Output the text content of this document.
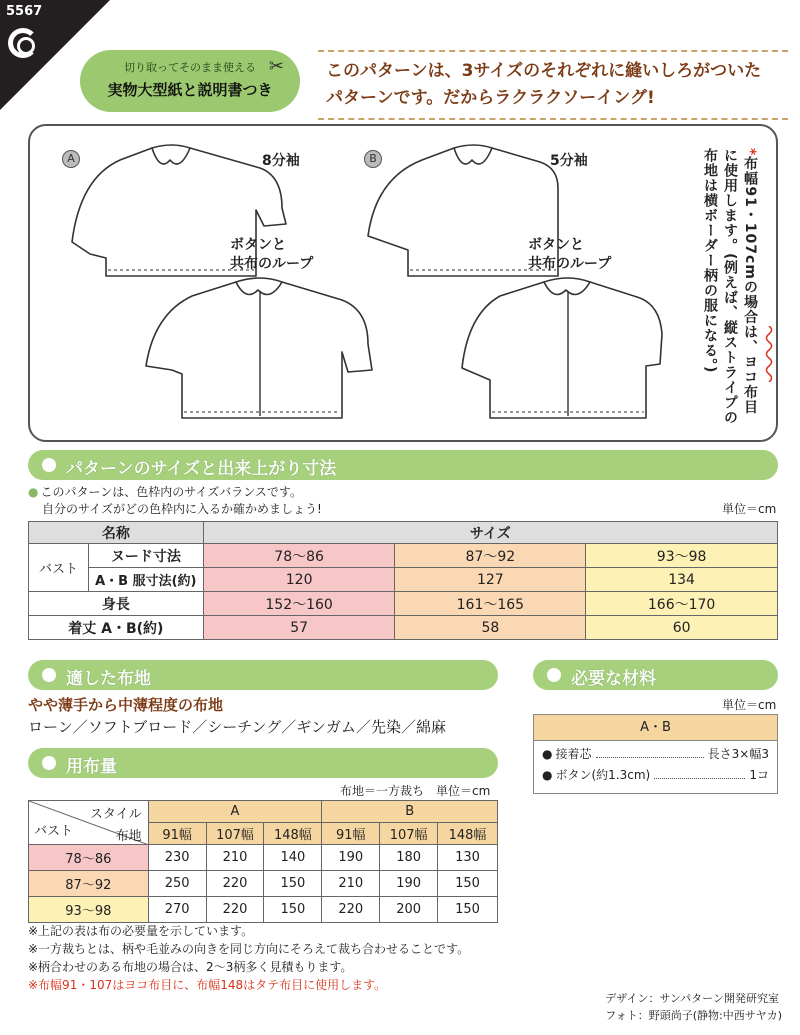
5567
切り取ってそのまま使える
実物大型紙と説明書つき
✂ このパターンは、3サイズのそれぞれに縫いしろがついた
パターンです。だからラクラクソーイング!
A	B
8分袖
ボタンと
共布のループ
5分袖
ボタンと
共布のループ
*布幅91・107cmの場合は、ヨコ布目に使用します。(例えば、縦ストライプの布地は横ボーダー柄の服になる。)
パターンのサイズと出来上がり寸法
● このパターンは、色枠内のサイズバランスです。
自分のサイズがどの色枠内に入るか確かめましょう!	単位＝cm
名称		サイズ		
バスト	ヌード寸法	78〜86	87〜92	93〜98
	A・B 服寸法(約)	120	127	134
身長		152〜160	161〜165	166〜170
着丈 A・B(約)		57	58	60
適した布地
やや薄手から中薄程度の布地
ローン／ソフトブロード／シーチング／ギンガム／先染／綿麻
必要な材料
単位＝cm
A・B
● 接着芯	長さ3×幅3
● ボタン(約1.3cm)	1コ
用布量
布地＝一方裁ち　単位＝cm
スタイル
布地	A			B		
	91幅	107幅	148幅	91幅	107幅	148幅
78〜86	230	210	140	190	180	130
87〜92	250	220	150	210	190	150
93〜98	270	220	150	220	200	150
バスト
※上記の表は布の必要量を示しています。
※一方裁ちとは、柄や毛並みの向きを同じ方向にそろえて裁ち合わせることです。
※柄合わせのある布地の場合は、2〜3柄多く見積もります。
※布幅91・107はヨコ布目に、布幅148はタテ布目に使用します。
デザイン：サンパターン開発研究室
フォト：野頭尚子(静物:中西サヤカ)
